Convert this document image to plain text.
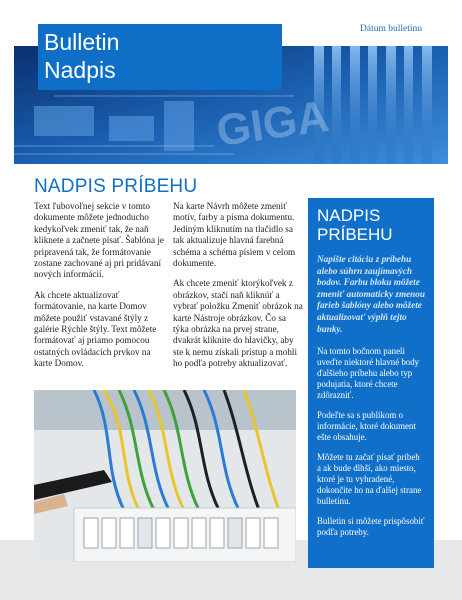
Dátum bulletinu
GIGA
Bulletin
Nadpis
NADPIS PRÍBEHU

Text ľubovoľnej sekcie v tomto dokumente môžete jednoducho kedykoľvek zmeniť tak, že naň kliknete a začnete písať. Šablóna je pripravená tak, že formátovanie zostane zachované aj pri pridávaní nových informácií.

Ak chcete aktualizovať formátovanie, na karte Domov môžete použiť vstavané štýly z galérie Rýchle štýly. Text môžete formátovať aj priamo pomocou ostatných ovládacích prvkov na karte Domov.

Na karte Návrh môžete zmeniť motív, farby a písma dokumentu. Jediným kliknutím na tlačidlo sa tak aktualizuje hlavná farebná schéma a schéma písiem v celom dokumente.

Ak chcete zmeniť ktorýkoľvek z obrázkov, stačí naň kliknúť a vybrať položku Zmeniť obrázok na karte Nástroje obrázkov. Čo sa týka obrázka na prvej strane, dvakrát kliknite do hlavičky, aby ste k nemu získali prístup a mohli ho podľa potreby aktualizovať.

NADPIS PRÍBEHU
Napíšte citáciu z príbehu alebo súhrn zaujímavých bodov. Farbu bloku môžete zmeniť automaticky zmenou farieb šablóny alebo môžete aktualizovať výplň tejto bunky.

Na tomto bočnom paneli uveďte niektoré hlavné body ďalšieho príbehu alebo typ podujatia, ktoré chcete zdôrazniť.

Podeľte sa s publikom o informácie, ktoré dokument ešte obsahuje.

Môžete tu začať písať príbeh a ak bude dlhší, ako miesto, ktoré je tu vyhradené, dokončite ho na ďalšej strane bulletinu.

Bulletin si môžete prispôsobiť podľa potreby.
